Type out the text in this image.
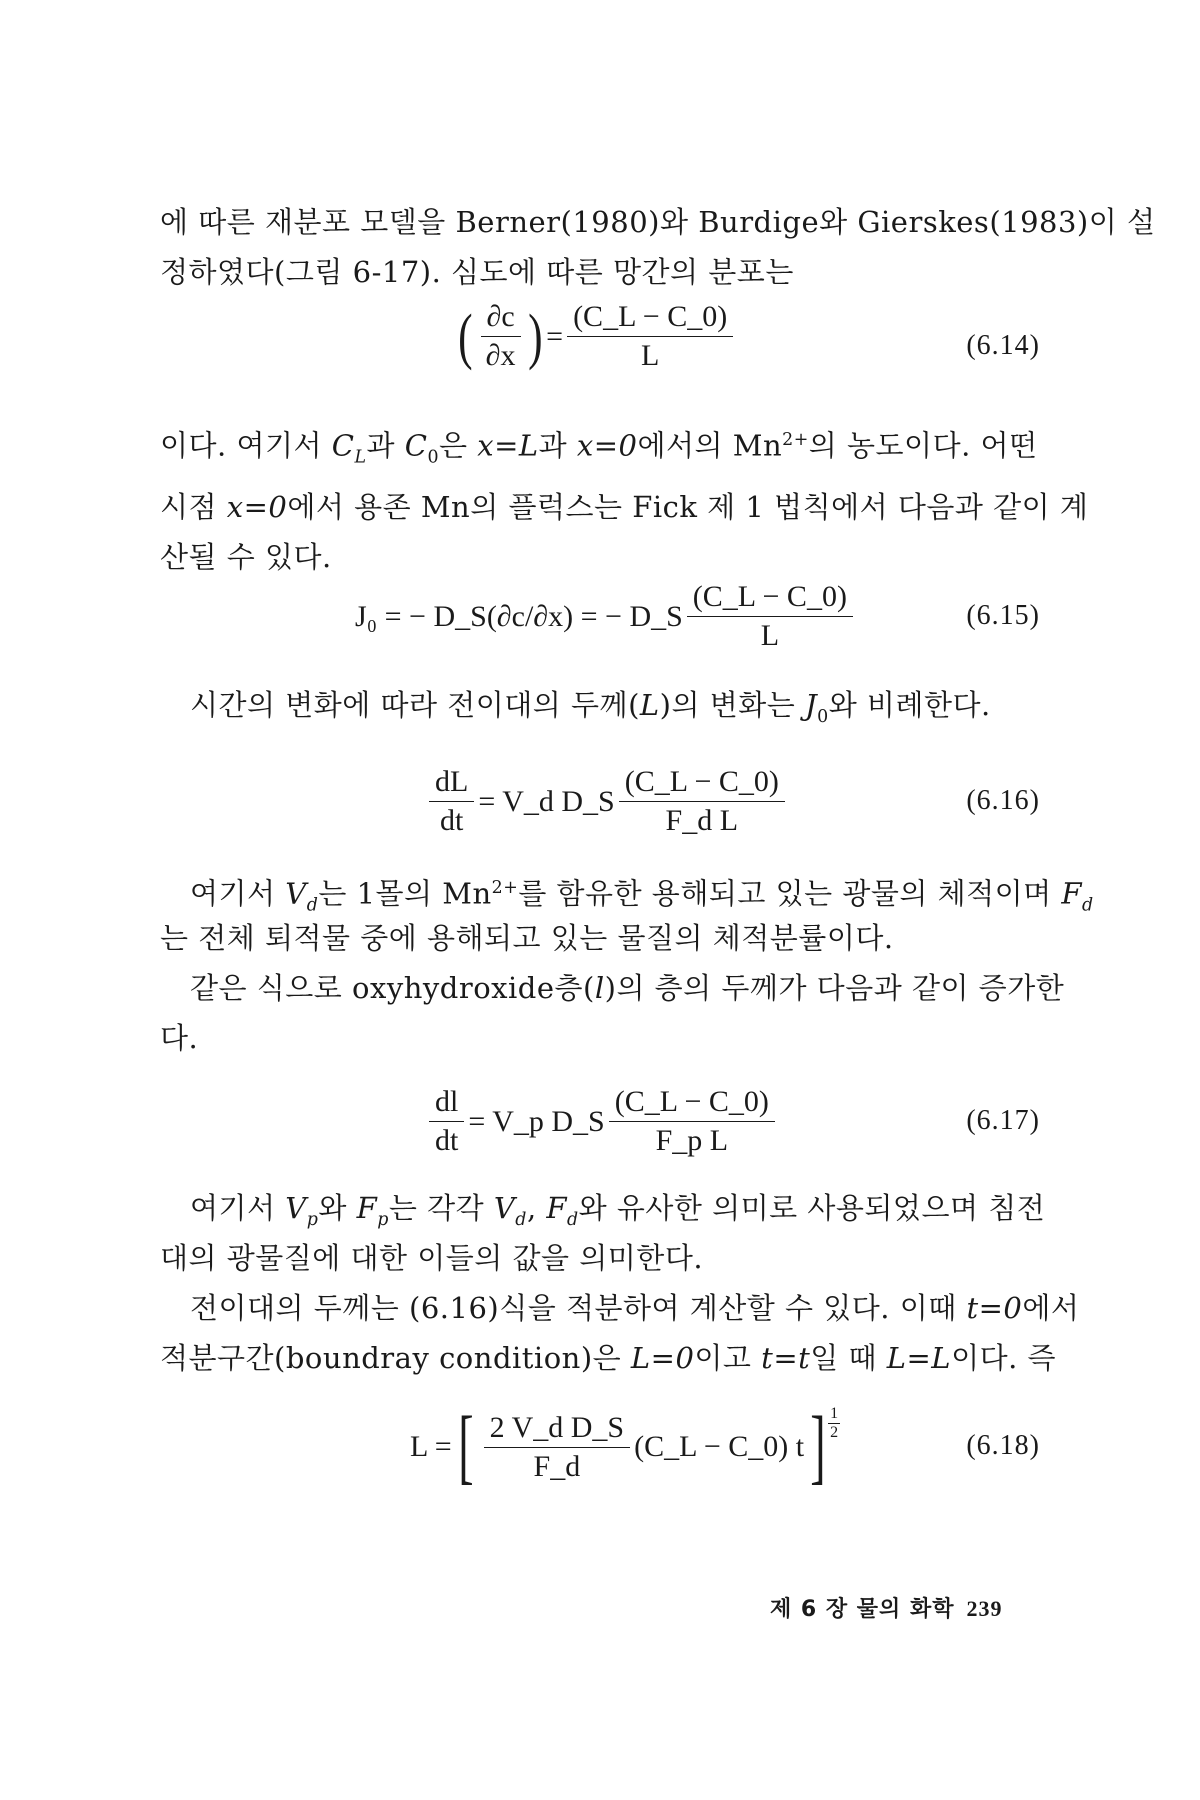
에 따른 재분포 모델을 Berner(1980)와 Burdige와 Gierskes(1983)이 설
정하였다(그림 6-17). 심도에 따른 망간의 분포는

( $\frac{\partial c}{\partial x}$ ) = $\frac{(C\_L - C\_0)}{L}$	(6.14)

이다. 여기서 $C_L$과 $C_0$은 x=L과 x=0에서의 $Mn^{2+}$의 농도이다. 어떤
시점 x=0에서 용존 Mn의 플럭스는 Fick 제 1 법칙에서 다음과 같이 계
산될 수 있다.

J₀ = − D_S(∂c/∂x) = − D_S $\frac{(C\_L - C\_0)}{L}$	(6.15)

시간의 변화에 따라 전이대의 두께(L)의 변화는 $J_0$와 비례한다.

$\frac{dL}{dt}$ = V_d D_S $\frac{(C\_L - C\_0)}{\text{F\_d L}}$	(6.16)

여기서 $V_d$는 1몰의 $Mn^{2+}$를 함유한 용해되고 있는 광물의 체적이며 $F_d$

는 전체 퇴적물 중에 용해되고 있는 물질의 체적분률이다.

같은 식으로 oxyhydroxide층(l)의 층의 두께가 다음과 같이 증가한

다.

$\frac{dl}{dt}$ = V_p D_S $\frac{(C\_L - C\_0)}{\text{F\_p L}}$	(6.17)

여기서 $V_p$와 $F_p$는 각각 $V_d$, $F_d$와 유사한 의미로 사용되었으며 침전

대의 광물질에 대한 이들의 값을 의미한다.

전이대의 두께는 (6.16)식을 적분하여 계산할 수 있다. 이때 t=0에서

적분구간(boundray condition)은 L=0이고 t=t일 때 L=L이다. 즉

L = [ $\frac{\text{2 V\_d D\_S}}{F\_d}$ (C_L − C_0) t ] $\frac{1}{2}$
(6.18)
제 6 장 물의 화학 239
